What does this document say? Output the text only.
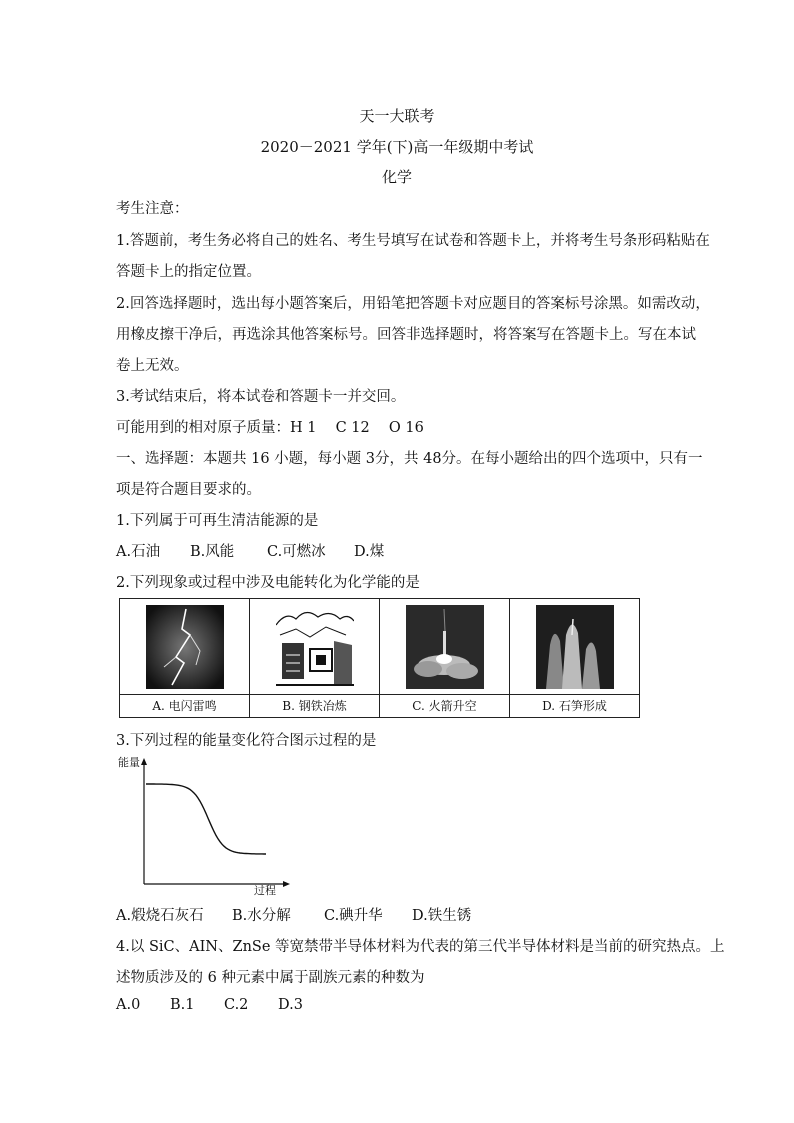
天一大联考
2020－2021 学年(下)高一年级期中考试
化学
考生注意：
1.答题前，考生务必将自己的姓名、考生号填写在试卷和答题卡上，并将考生号条形码粘贴在
答题卡上的指定位置。
2.回答选择题时，选出每小题答案后，用铅笔把答题卡对应题目的答案标号涂黑。如需改动，
用橡皮擦干净后，再选涂其他答案标号。回答非选择题时，将答案写在答题卡上。写在本试
卷上无效。
3.考试结束后，将本试卷和答题卡一并交回。
可能用到的相对原子质量：H 1　 C 12　 O 16
一、选择题：本题共 16 小题，每小题 3分，共 48分。在每小题给出的四个选项中，只有一
项是符合题目要求的。
1.下列属于可再生清洁能源的是
A.石油 B.风能 C.可燃冰 D.煤
2.下列现象或过程中涉及电能转化为化学能的是
A. 电闪雷鸣	B. 钢铁冶炼	C. 火箭升空	D. 石笋形成
3.下列过程的能量变化符合图示过程的是
能量
过程
A.煅烧石灰石 B.水分解 C.碘升华 D.铁生锈
4.以 SiC、AIN、ZnSe 等宽禁带半导体材料为代表的第三代半导体材料是当前的研究热点。上
述物质涉及的 6 种元素中属于副族元素的种数为
A.0 B.1 C.2 D.3
